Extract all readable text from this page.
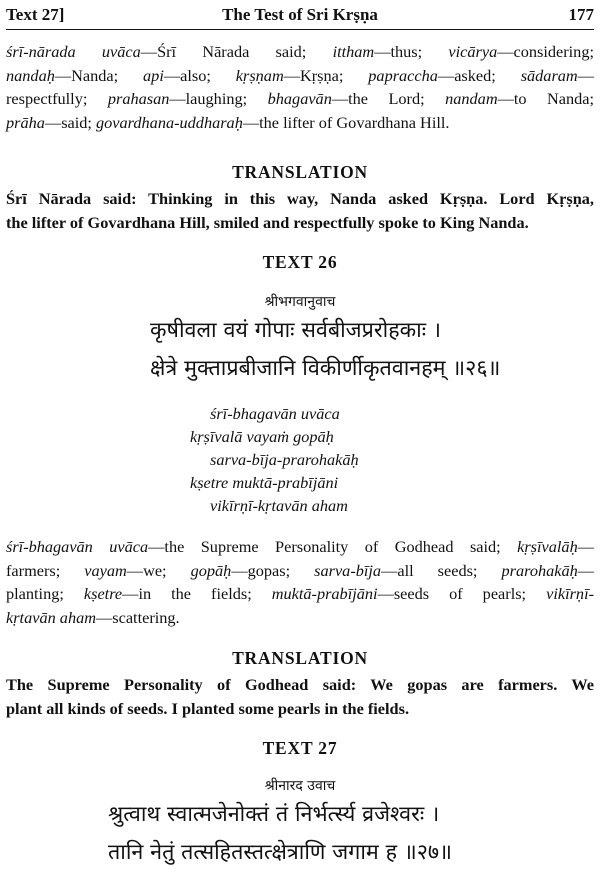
Text 27]	The Test of Sri Krṣṇa	177
śrī-nārada uvāca—Śrī Nārada said; ittham—thus; vicārya—considering;
nandaḥ—Nanda; api—also; kṛṣṇam—Kṛṣṇa; papraccha—asked; sādaram—
respectfully; prahasan—laughing; bhagavān—the Lord; nandam—to Nanda;
prāha—said; govardhana-uddharaḥ—the lifter of Govardhana Hill.
TRANSLATION
Śrī Nārada said: Thinking in this way, Nanda asked Kṛṣṇa. Lord Kṛṣṇa,
the lifter of Govardhana Hill, smiled and respectfully spoke to King Nanda.
TEXT 26
श्रीभगवानुवाच
कृषीवला वयं गोपाः सर्वबीजप्ररोहकाः ।
क्षेत्रे मुक्ताप्रबीजानि विकीर्णीकृतवानहम् ॥२६॥
śrī-bhagavān uvāca
kṛṣīvalā vayaṁ gopāḥ
sarva-bīja-prarohakāḥ
kṣetre muktā-prabījāni
vikīrṇī-kṛtavān aham
śrī-bhagavān uvāca—the Supreme Personality of Godhead said; kṛṣīvalāḥ—
farmers; vayam—we; gopāḥ—gopas; sarva-bīja—all seeds; prarohakāḥ—
planting; kṣetre—in the fields; muktā-prabījāni—seeds of pearls; vikīrṇī-
kṛtavān aham—scattering.
TRANSLATION
The Supreme Personality of Godhead said: We gopas are farmers. We
plant all kinds of seeds. I planted some pearls in the fields.
TEXT 27
श्रीनारद उवाच
श्रुत्वाथ स्वात्मजेनोक्तं तं निर्भर्त्स्य व्रजेश्वरः ।
तानि नेतुं तत्सहितस्तत्क्षेत्राणि जगाम ह ॥२७॥
